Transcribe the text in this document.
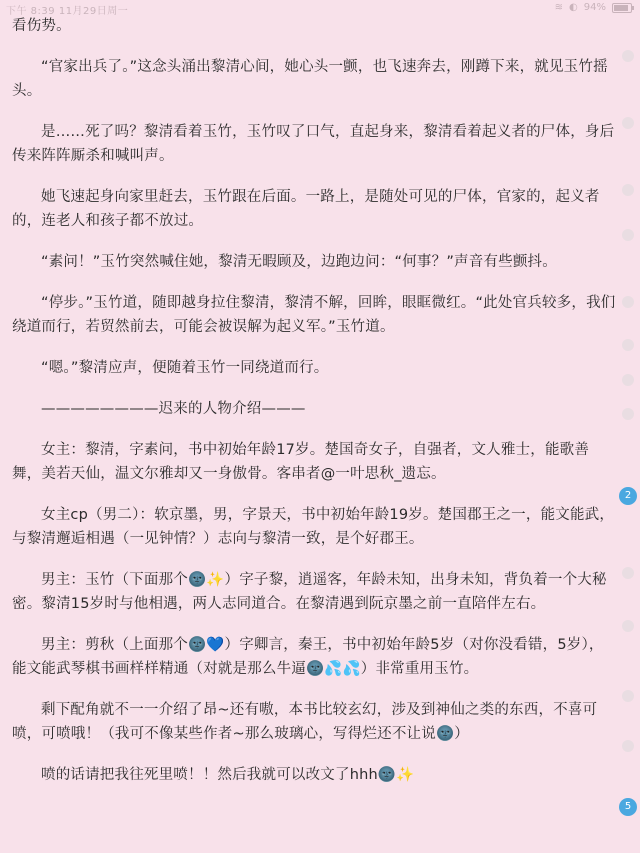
下午 8:39 11月29日周一	≋ ◐ 94%

看伤势。

“官家出兵了。”这念头涌出黎清心间，她心头一颤，也飞速奔去，刚蹲下来，就见玉竹摇头。

是……死了吗？黎清看着玉竹，玉竹叹了口气，直起身来，黎清看着起义者的尸体，身后传来阵阵厮杀和喊叫声。

她飞速起身向家里赶去，玉竹跟在后面。一路上，是随处可见的尸体，官家的，起义者的，连老人和孩子都不放过。

“素问！”玉竹突然喊住她，黎清无暇顾及，边跑边问：“何事？”声音有些颤抖。

“停步。”玉竹道，随即越身拉住黎清，黎清不解，回眸，眼眶微红。“此处官兵较多，我们绕道而行，若贸然前去，可能会被误解为起义军。”玉竹道。

“嗯。”黎清应声，便随着玉竹一同绕道而行。

————————迟来的人物介绍———

女主：黎清，字素问，书中初始年龄17岁。楚国奇女子，自强者，文人雅士，能歌善舞，美若天仙，温文尔雅却又一身傲骨。客串者@一叶思秋_遗忘。

女主cp（男二）：软京墨，男，字景天，书中初始年龄19岁。楚国郡王之一，能文能武，与黎清邂逅相遇（一见钟情？）志向与黎清一致，是个好郡王。

男主：玉竹（下面那个🌚✨）字子黎，逍遥客，年龄未知，出身未知，背负着一个大秘密。黎清15岁时与他相遇，两人志同道合。在黎清遇到阮京墨之前一直陪伴左右。

男主：剪秋（上面那个🌚💙）字卿言，秦王，书中初始年龄5岁（对你没看错，5岁），能文能武琴棋书画样样精通（对就是那么牛逼🌚💦💦）非常重用玉竹。

剩下配角就不一一介绍了昂~还有嗷，本书比较玄幻，涉及到神仙之类的东西，不喜可喷，可喷哦！（我可不像某些作者~那么玻璃心，写得烂还不让说🌚）

喷的话请把我往死里喷！！然后我就可以改文了hhh🌚✨

2
5
